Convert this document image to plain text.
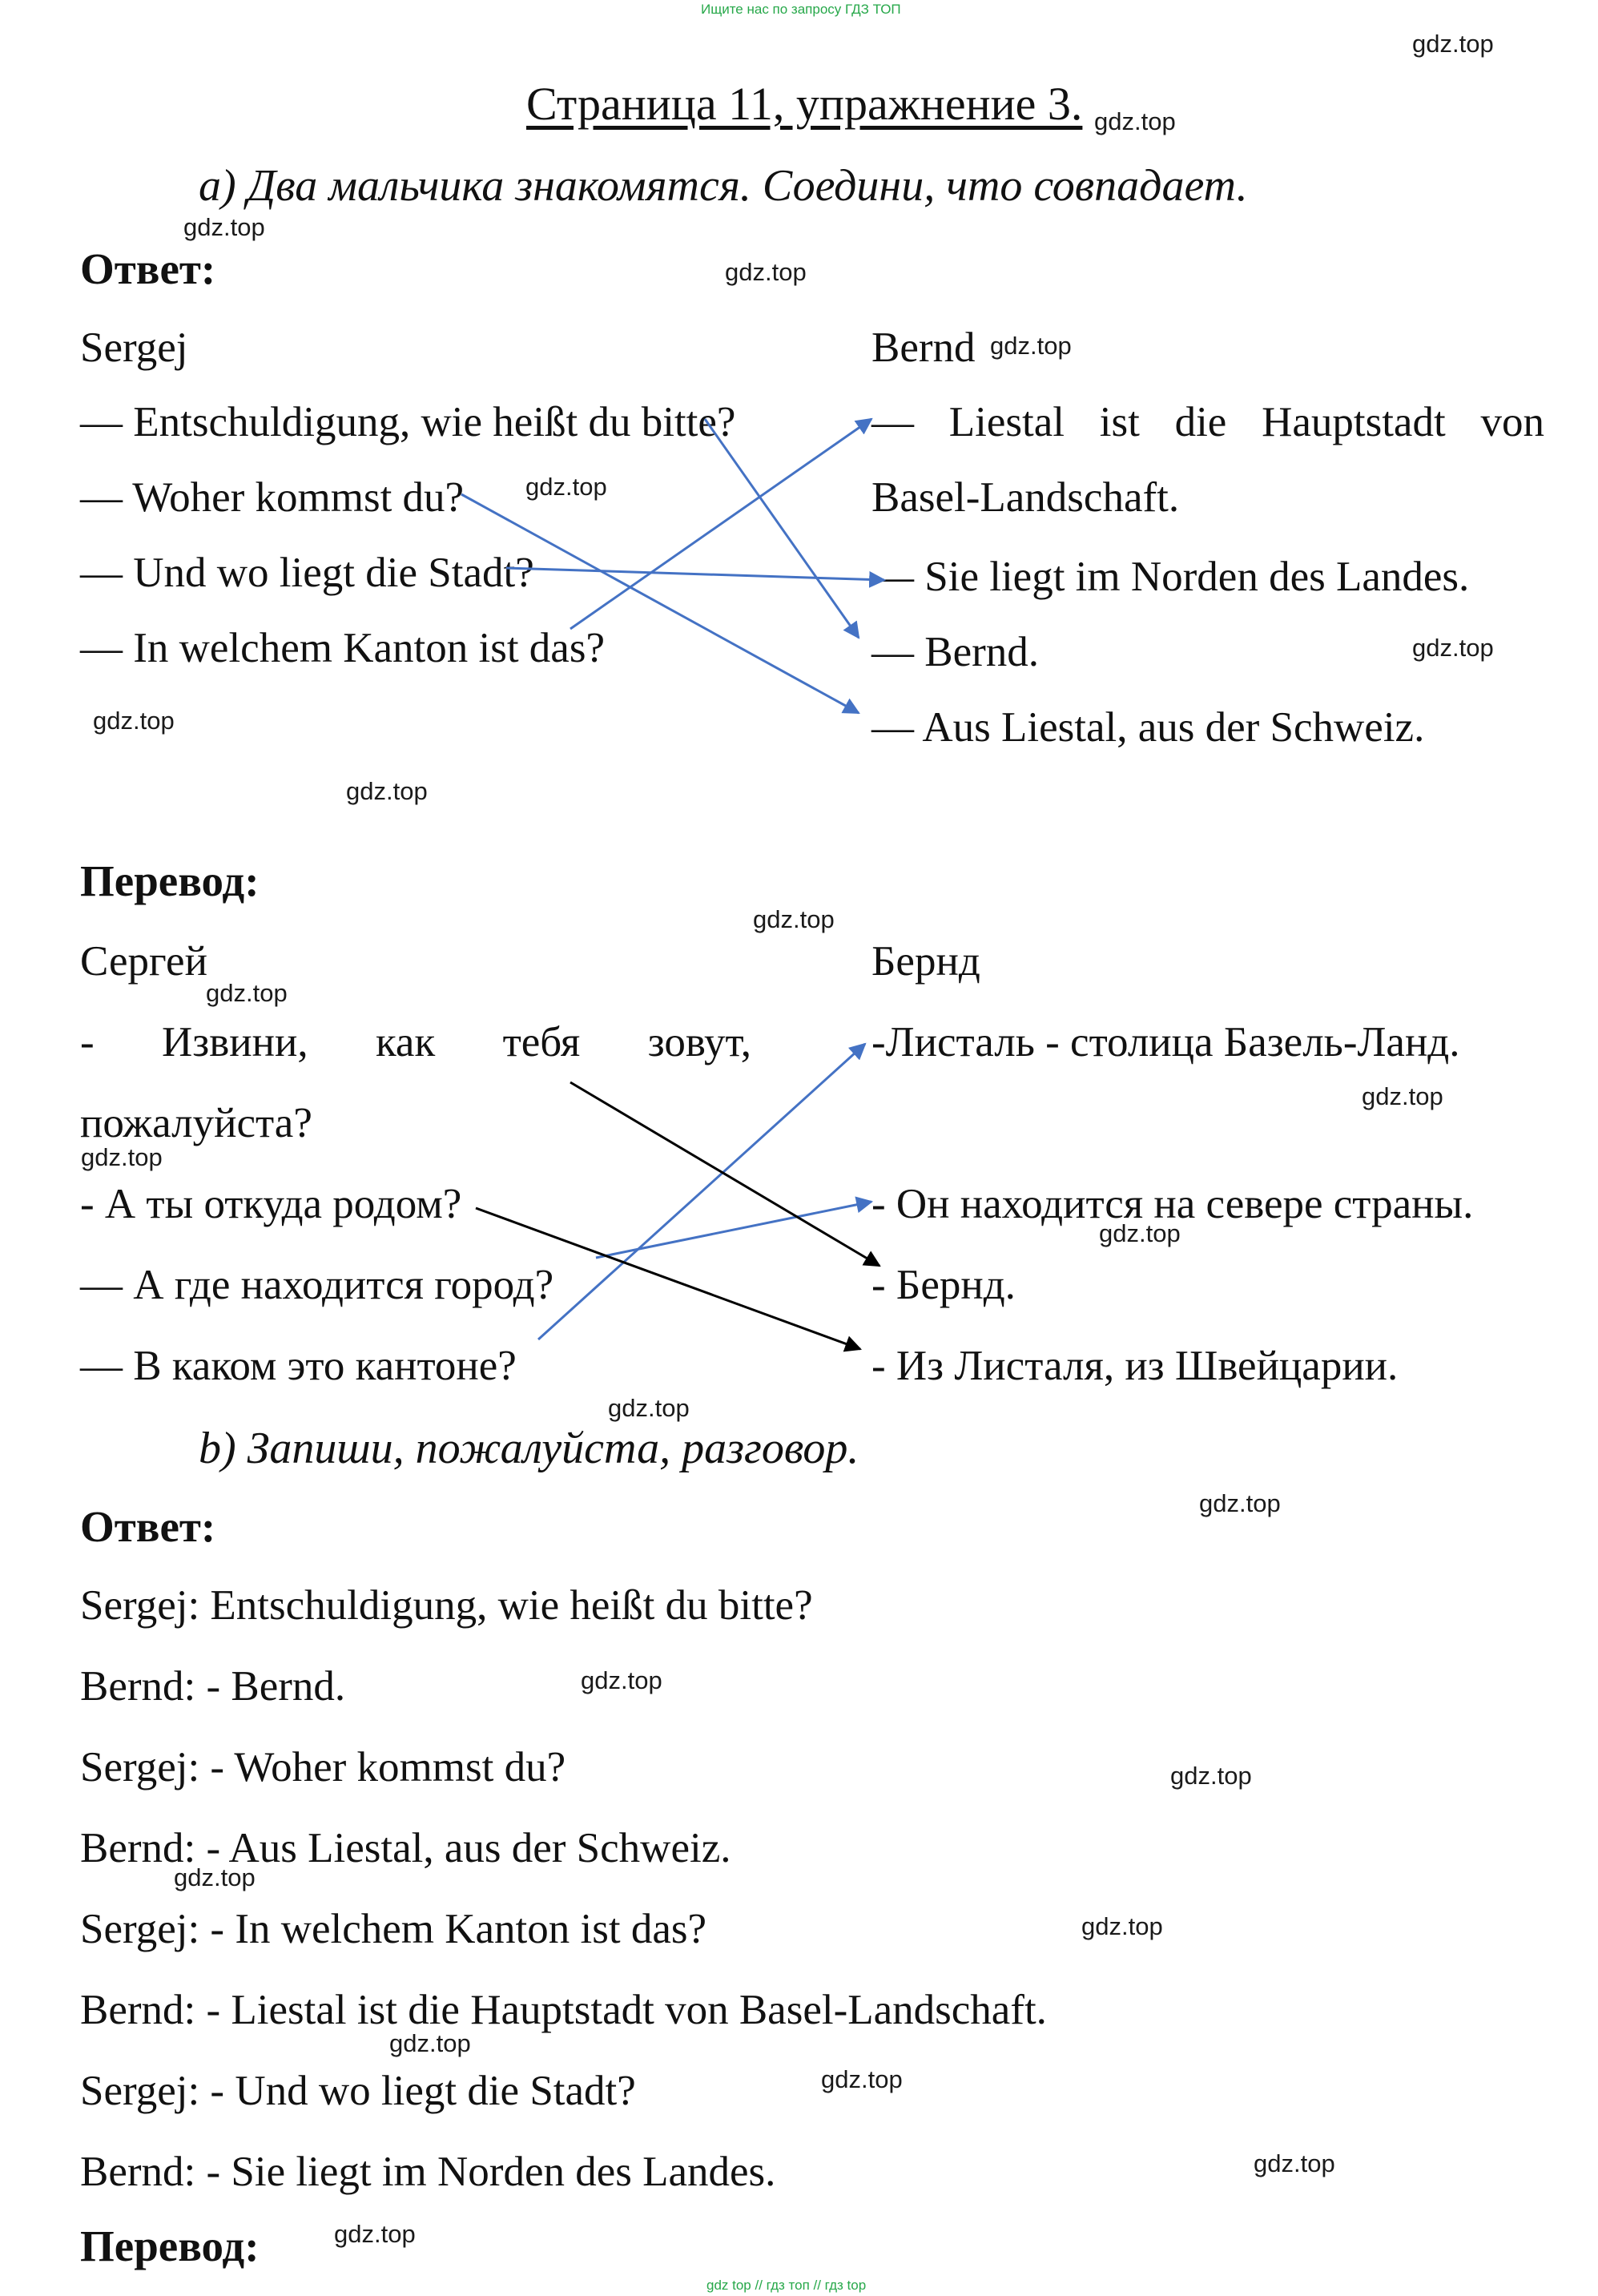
Ищите нас по запросу ГДЗ ТОП
Страница 11, упражнение 3.
a) Два мальчика знакомятся. Соедини, что совпадает.
Ответ:
Sergej	Bernd
— Entschuldigung, wie heißt du bitte?
— Woher kommst du?
— Und wo liegt die Stadt?
— In welchem Kanton ist das?
— Liestal ist die Hauptstadt von
Basel-Landschaft.
— Sie liegt im Norden des Landes.
— Bernd.
— Aus Liestal, aus der Schweiz.
Перевод:
Сергей	Бернд
- Извини, как тебя зовут,
пожалуйста?
- А ты откуда родом?
— А где находится город?
— В каком это кантоне?
-Листаль - столица Базель-Ланд.
- Он находится на севере страны.
- Бернд.
- Из Листаля, из Швейцарии.
b) Запиши, пожалуйста, разговор.
Ответ:
Sergej: Entschuldigung, wie heißt du bitte?
Bernd: - Bernd.
Sergej: - Woher kommst du?
Bernd: - Aus Liestal, aus der Schweiz.
Sergej: - In welchem Kanton ist das?
Bernd: - Liestal ist die Hauptstadt von Basel-Landschaft.
Sergej: - Und wo liegt die Stadt?
Bernd: - Sie liegt im Norden des Landes.
Перевод:
gdz.top
gdz.top
gdz.top
gdz.top
gdz.top
gdz.top
gdz.top
gdz.top
gdz.top
gdz.top
gdz.top
gdz.top
gdz.top
gdz.top
gdz.top
gdz.top
gdz.top
gdz.top
gdz.top
gdz.top
gdz.top
gdz.top
gdz.top
gdz.top
gdz top // гдз топ // гдз top
